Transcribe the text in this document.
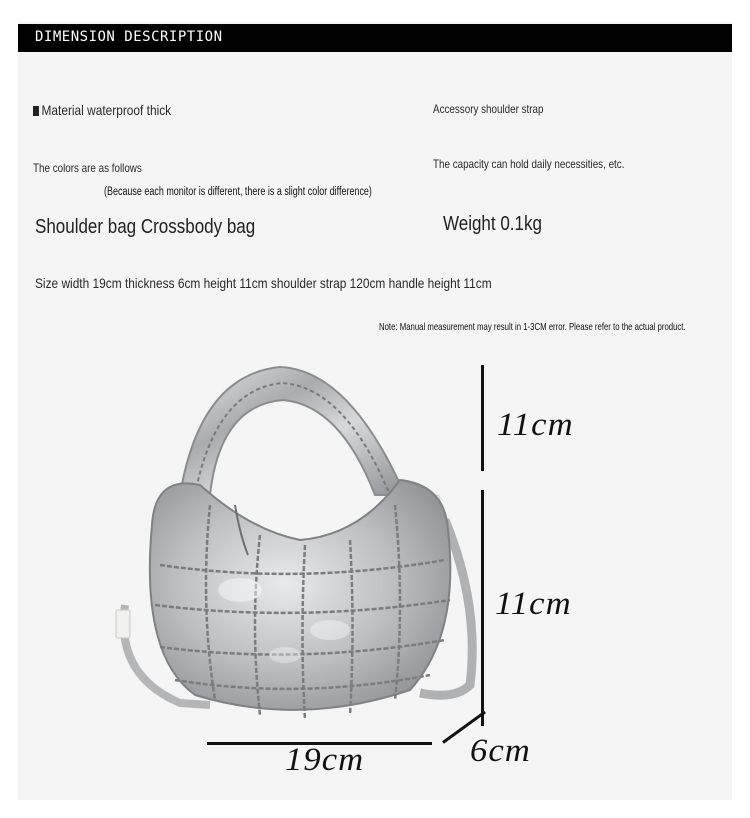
DIMENSION DESCRIPTION
Material waterproof thick	Accessory shoulder strap
The colors are as follows	The capacity can hold daily necessities, etc.
(Because each monitor is different, there is a slight color difference)
Shoulder bag Crossbody bag	Weight 0.1kg
Size width 19cm thickness 6cm height 11cm shoulder strap 120cm handle height 11cm
Note: Manual measurement may result in 1-3CM error. Please refer to the actual product.
11cm
11cm
19cm	6cm
